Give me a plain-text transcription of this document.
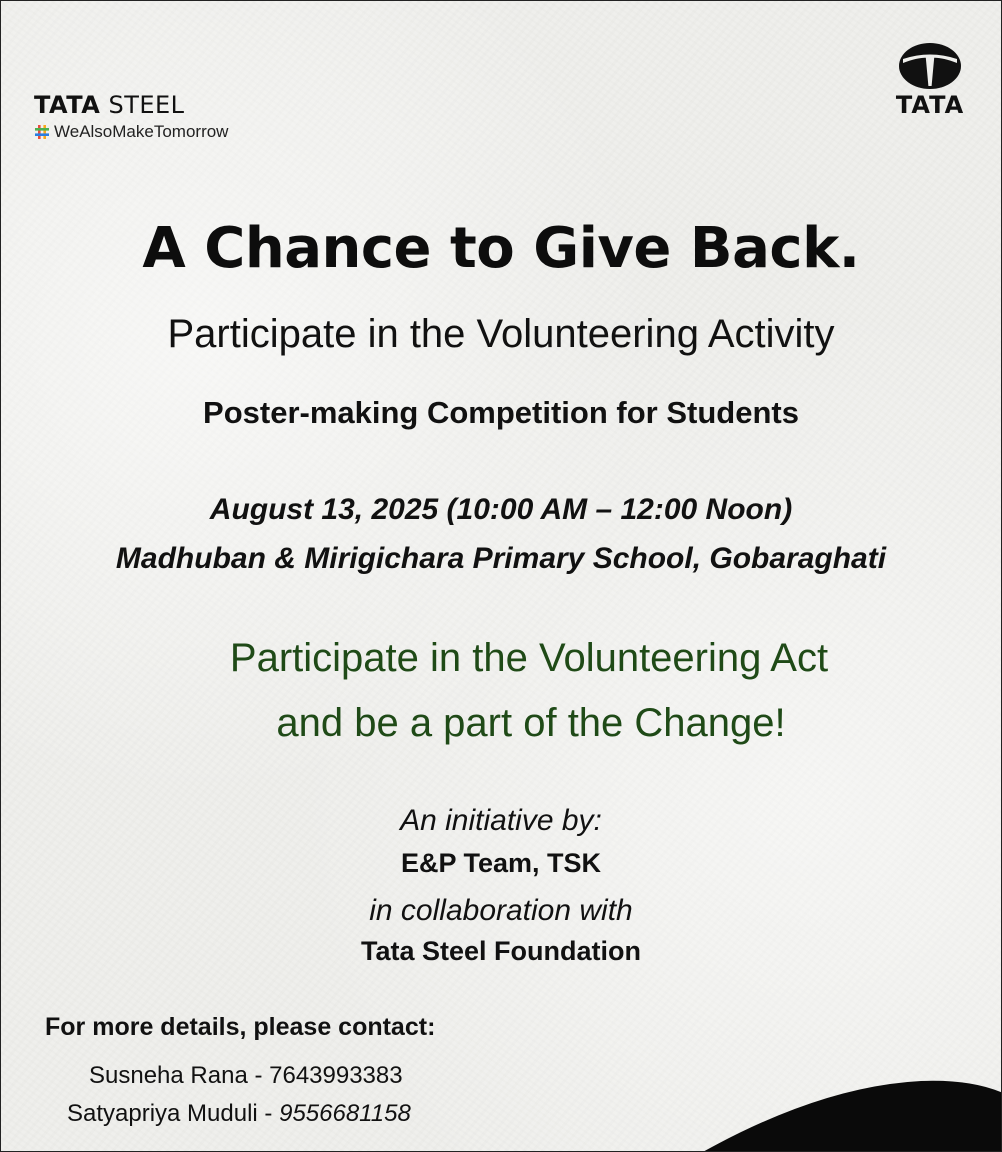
TATA STEEL
WeAlsoMakeTomorrow
TATA
A Chance to Give Back.
Participate in the Volunteering Activity
Poster-making Competition for Students
August 13, 2025 (10:00 AM – 12:00 Noon)
Madhuban & Mirigichara Primary School, Gobaraghati
Participate in the Volunteering Act
and be a part of the Change!
An initiative by:
E&P Team, TSK
in collaboration with
Tata Steel Foundation
For more details, please contact:
Susneha Rana - 7643993383
Satyapriya Muduli - 9556681158
